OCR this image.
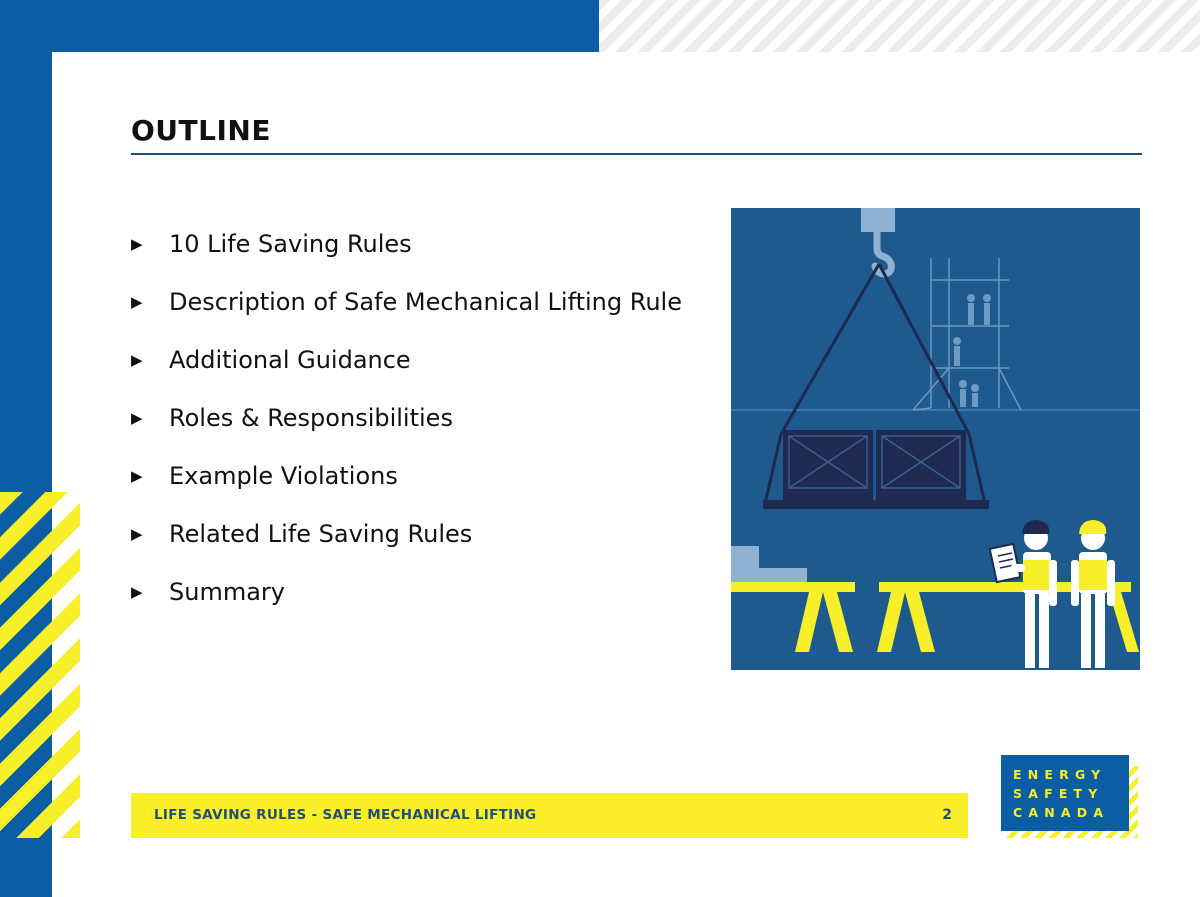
OUTLINE
▶	10 Life Saving Rules
▶	Description of Safe Mechanical Lifting Rule
▶	Additional Guidance
▶	Roles & Responsibilities
▶	Example Violations
▶	Related Life Saving Rules
▶	Summary
LIFE SAVING RULES - SAFE MECHANICAL LIFTING	2
ENERGY
SAFETY
CANADA
